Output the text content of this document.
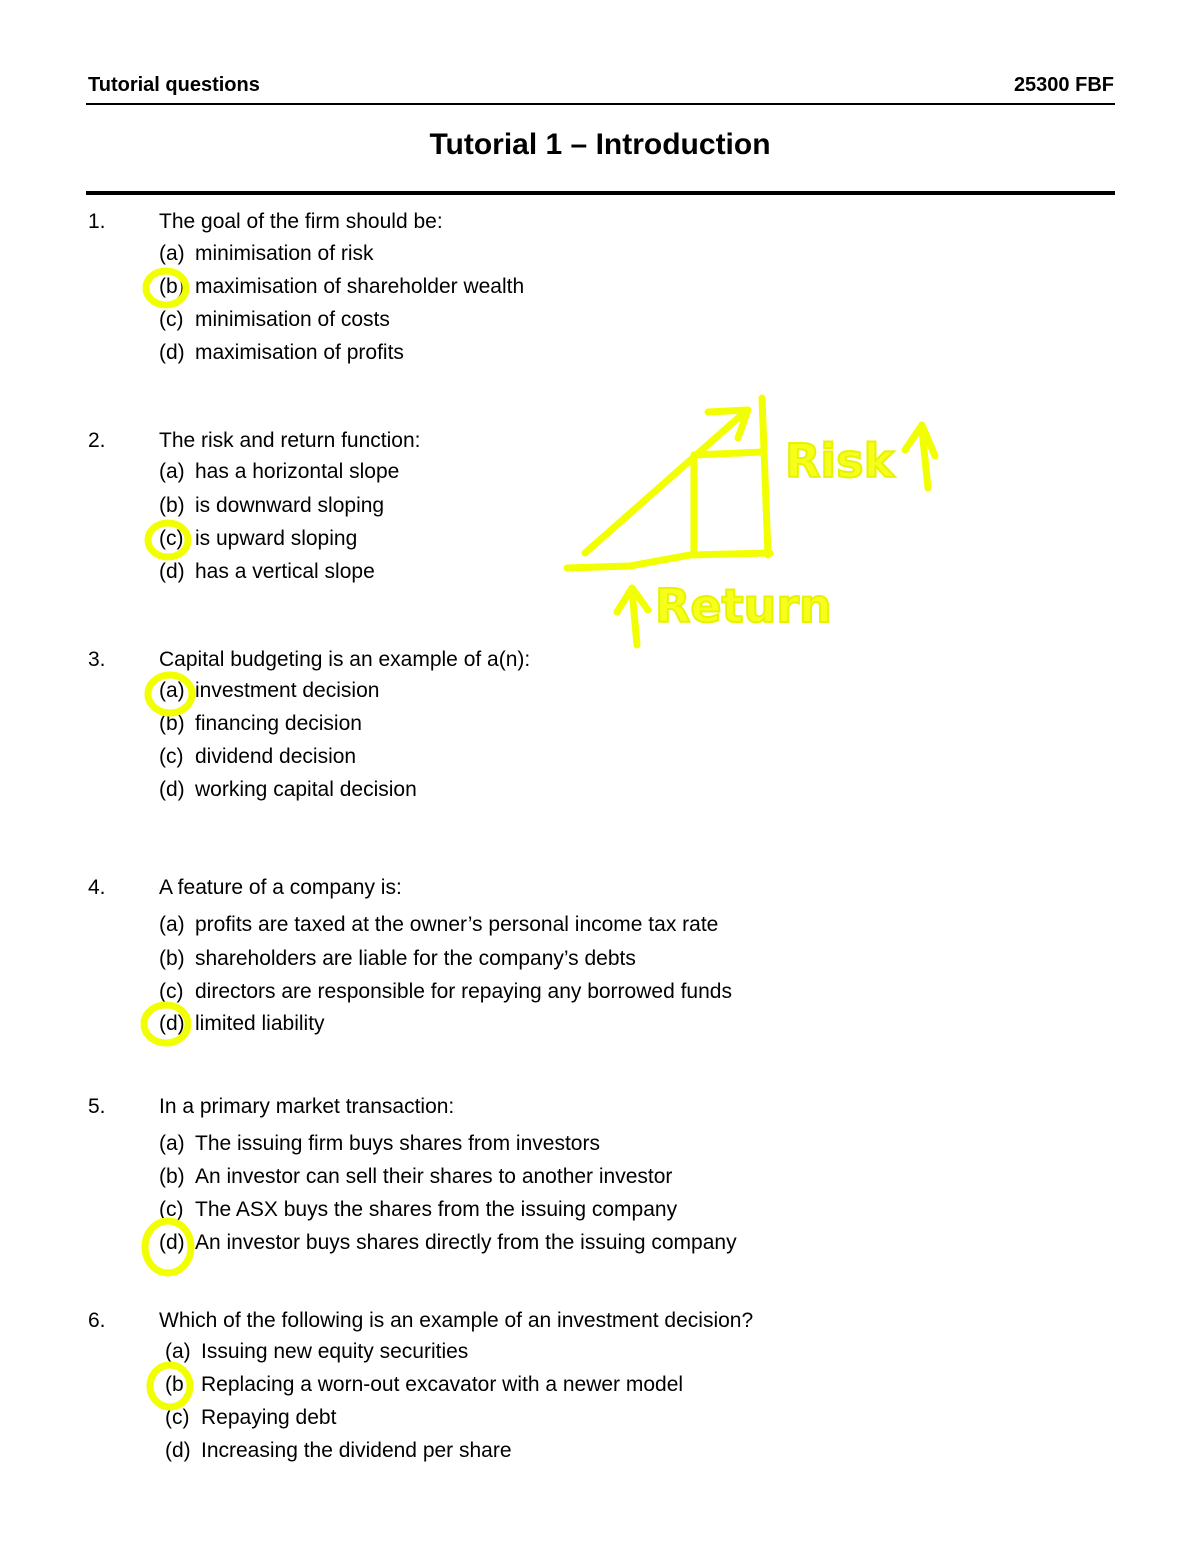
Tutorial questions	25300 FBF
Tutorial 1 – Introduction
1.	The goal of the firm should be:
(a) minimisation of risk
(b) maximisation of shareholder wealth
(c) minimisation of costs
(d) maximisation of profits
2.	The risk and return function:
(a) has a horizontal slope
(b) is downward sloping
(c) is upward sloping
(d) has a vertical slope
3.	Capital budgeting is an example of a(n):
(a) investment decision
(b) financing decision
(c) dividend decision
(d) working capital decision
4.	A feature of a company is:
(a) profits are taxed at the owner’s personal income tax rate
(b) shareholders are liable for the company’s debts
(c) directors are responsible for repaying any borrowed funds
(d) limited liability
5.	In a primary market transaction:
(a) The issuing firm buys shares from investors
(b) An investor can sell their shares to another investor
(c) The ASX buys the shares from the issuing company
(d) An investor buys shares directly from the issuing company
6.	Which of the following is an example of an investment decision?
(a) Issuing new equity securities
(b) Replacing a worn-out excavator with a newer model
(c) Repaying debt
(d) Increasing the dividend per share
Risk
Return
